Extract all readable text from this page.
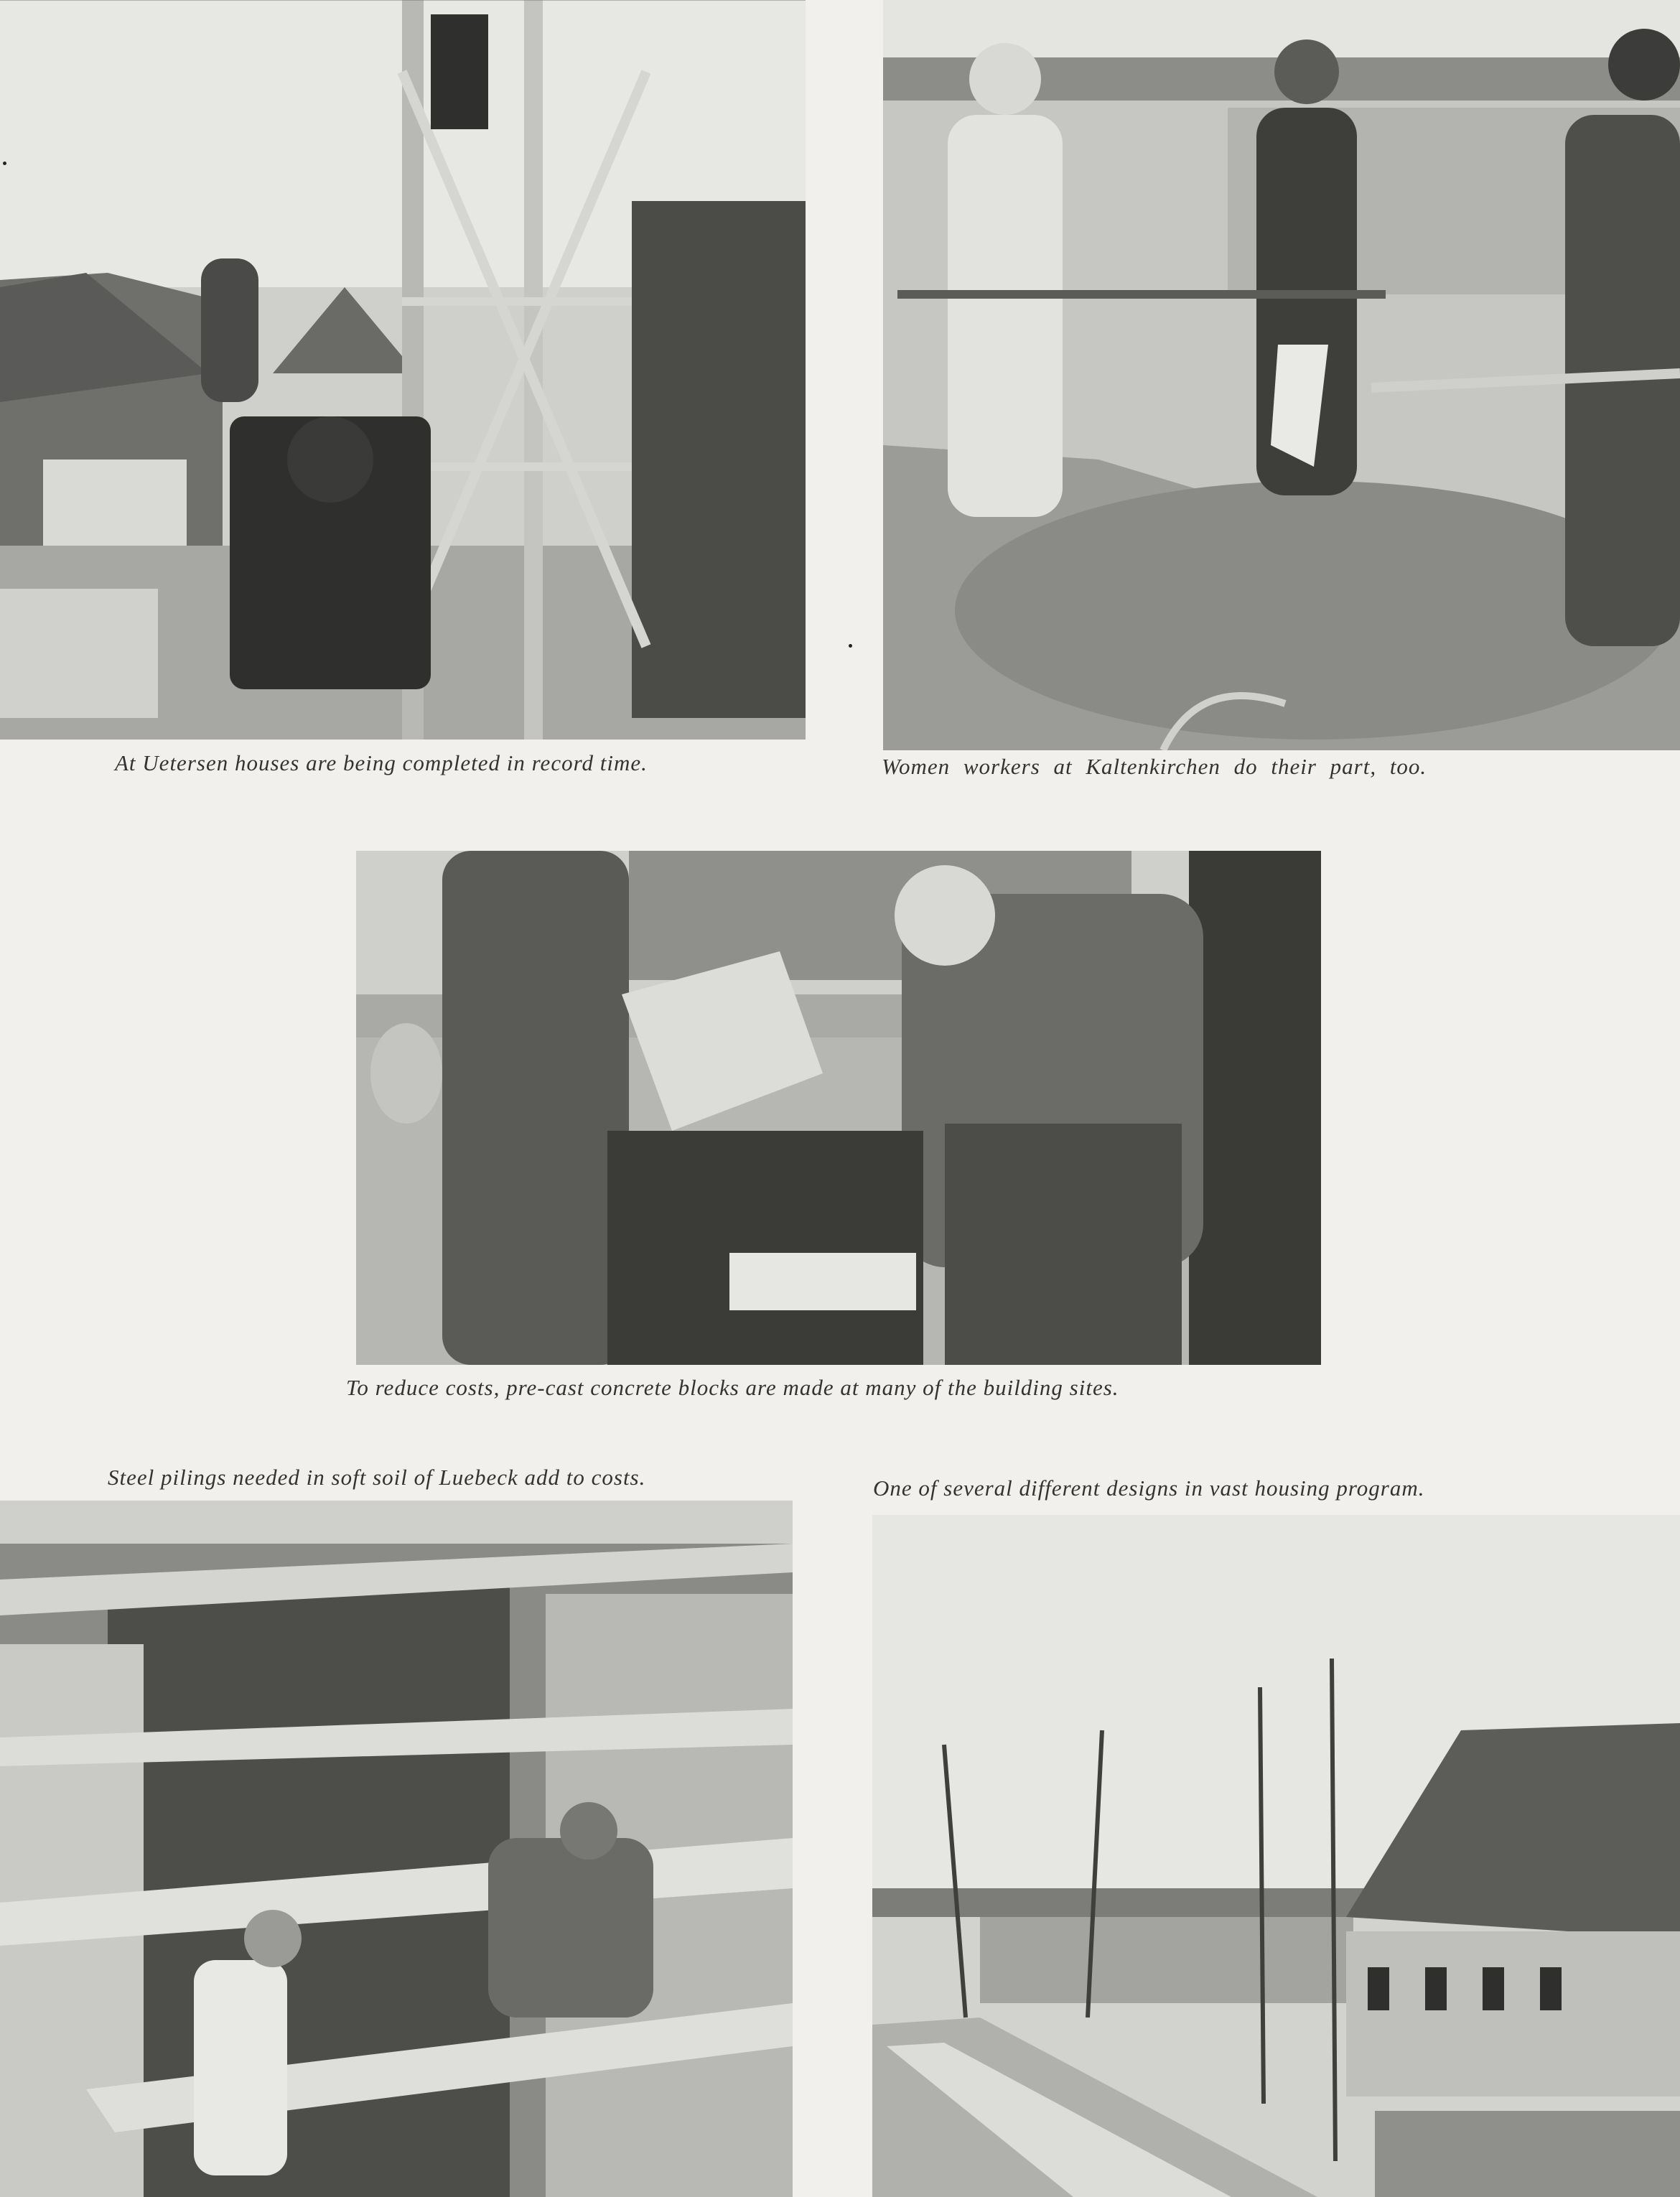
At Uetersen houses are being completed in record time.	Women workers at Kaltenkirchen do their part, too.
To reduce costs, pre-cast concrete blocks are made at many of the building sites.
Steel pilings needed in soft soil of Luebeck add to costs.	One of several different designs in vast housing program.
